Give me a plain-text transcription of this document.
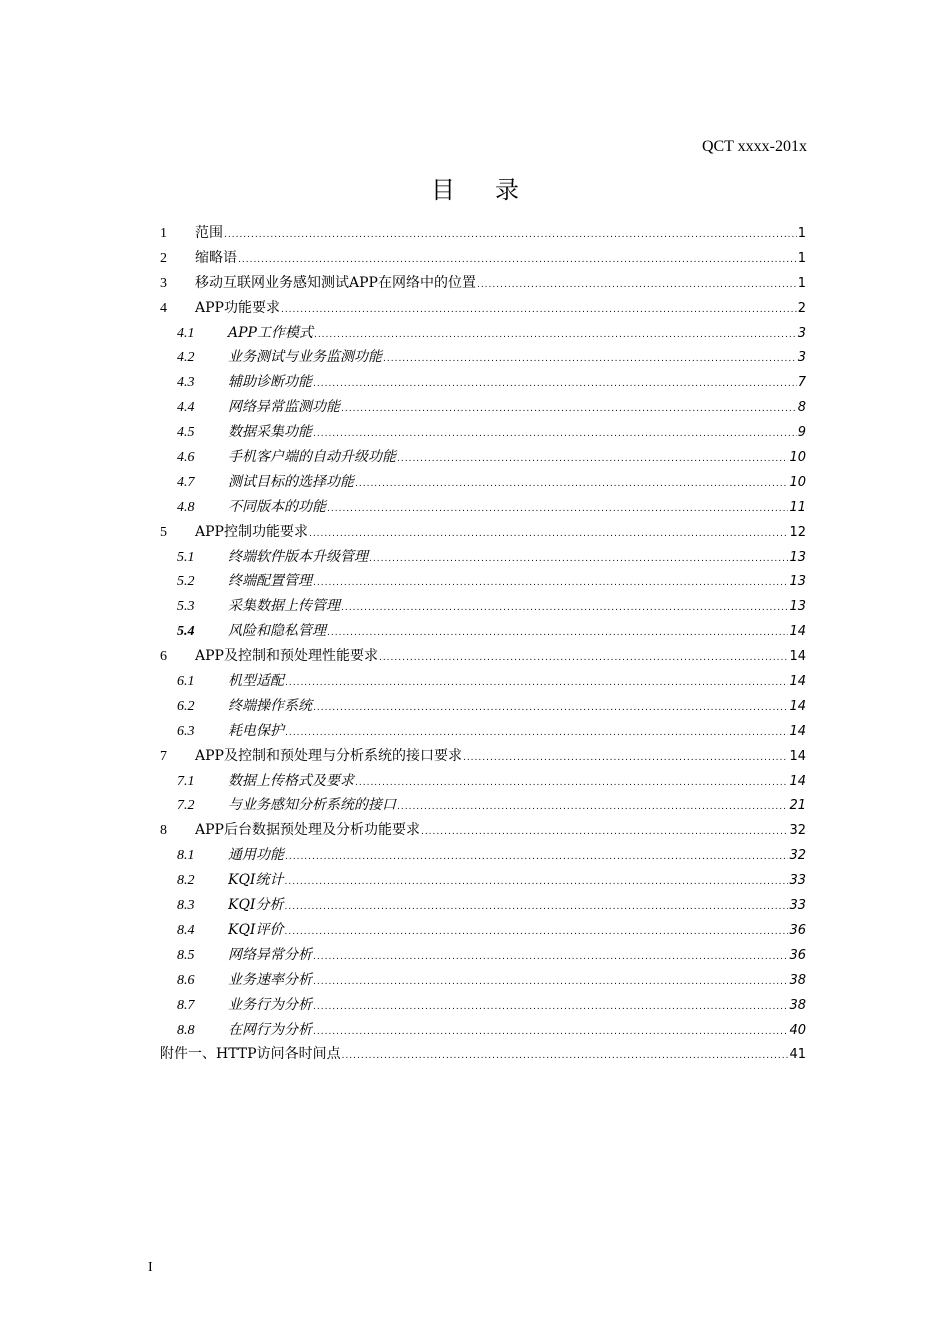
QCT xxxx-201x
目录
1	范围 .....	1
2	缩略语 .....	1
3	移动互联网业务感知测试APP在网络中的位置 .....	1
4	APP功能要求 .....	2
4.1	APP工作模式 .....	3
4.2	业务测试与业务监测功能 .....	3
4.3	辅助诊断功能 .....	7
4.4	网络异常监测功能 .....	8
4.5	数据采集功能 .....	9
4.6	手机客户端的自动升级功能 .....	10
4.7	测试目标的选择功能 .....	10
4.8	不同版本的功能 .....	11
5	APP控制功能要求 .....	12
5.1	终端软件版本升级管理 .....	13
5.2	终端配置管理 .....	13
5.3	采集数据上传管理 .....	13
5.4	风险和隐私管理 .....	14
6	APP及控制和预处理性能要求 .....	14
6.1	机型适配 .....	14
6.2	终端操作系统 .....	14
6.3	耗电保护 .....	14
7	APP及控制和预处理与分析系统的接口要求 .....	14
7.1	数据上传格式及要求 .....	14
7.2	与业务感知分析系统的接口 .....	21
8	APP后台数据预处理及分析功能要求 .....	32
8.1	通用功能 .....	32
8.2	KQI统计 .....	33
8.3	KQI分析 .....	33
8.4	KQI评价 .....	36
8.5	网络异常分析 .....	36
8.6	业务速率分析 .....	38
8.7	业务行为分析 .....	38
8.8	在网行为分析 .....	40
附件一、HTTP访问各时间点 .....	41
I
